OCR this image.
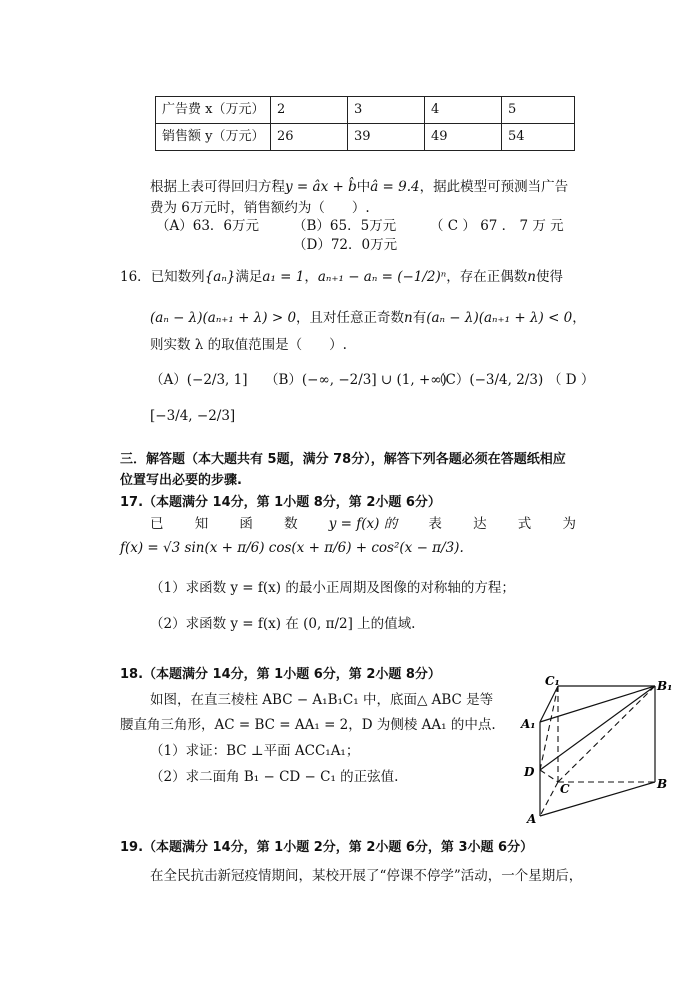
广告费 x（万元）	2	3	4	5
销售额 y（万元）	26	39	49	54
根据上表可得回归方程y = âx + b̂中â = 9.4，据此模型可预测当广告
费为 6万元时，销售额约为（　　）.
（A）63．6万元	（B）65．5万元	（ C ） 67 ． 7 万 元
（D）72．0万元
16．已知数列{aₙ}满足a₁ = 1，aₙ₊₁ − aₙ = (−1/2)ⁿ，存在正偶数n使得
(aₙ − λ)(aₙ₊₁ + λ) > 0，且对任意正奇数n有(aₙ − λ)(aₙ₊₁ + λ) < 0，
则实数 λ 的取值范围是（　　）.
（A）(−2/3, 1] （B）(−∞, −2/3] ∪ (1, +∞)
（C）(−3/4, 2/3) （ D ）
[−3/4, −2/3]
三．解答题（本大题共有 5题，满分 78分），解答下列各题必须在答题纸相应
位置写出必要的步骤.
17.（本题满分 14分，第 1小题 8分，第 2小题 6分）
已 知 函 数 y = f(x) 的 表 达 式 为
f(x) = √3 sin(x + π/6) cos(x + π/6) + cos²(x − π/3).
（1）求函数 y = f(x) 的最小正周期及图像的对称轴的方程；
（2）求函数 y = f(x) 在 (0, π/2] 上的值域.
18.（本题满分 14分，第 1小题 6分，第 2小题 8分）
如图，在直三棱柱 ABC − A₁B₁C₁ 中，底面△ ABC 是等
腰直角三角形，AC = BC = AA₁ = 2，D 为侧棱 AA₁ 的中点.
（1）求证：BC ⊥平面 ACC₁A₁；
（2）求二面角 B₁ − CD − C₁ 的正弦值.
C₁	B₁
A₁
D
C	B
A
19.（本题满分 14分，第 1小题 2分，第 2小题 6分，第 3小题 6分）
在全民抗击新冠疫情期间，某校开展了“停课不停学”活动，一个星期后，
